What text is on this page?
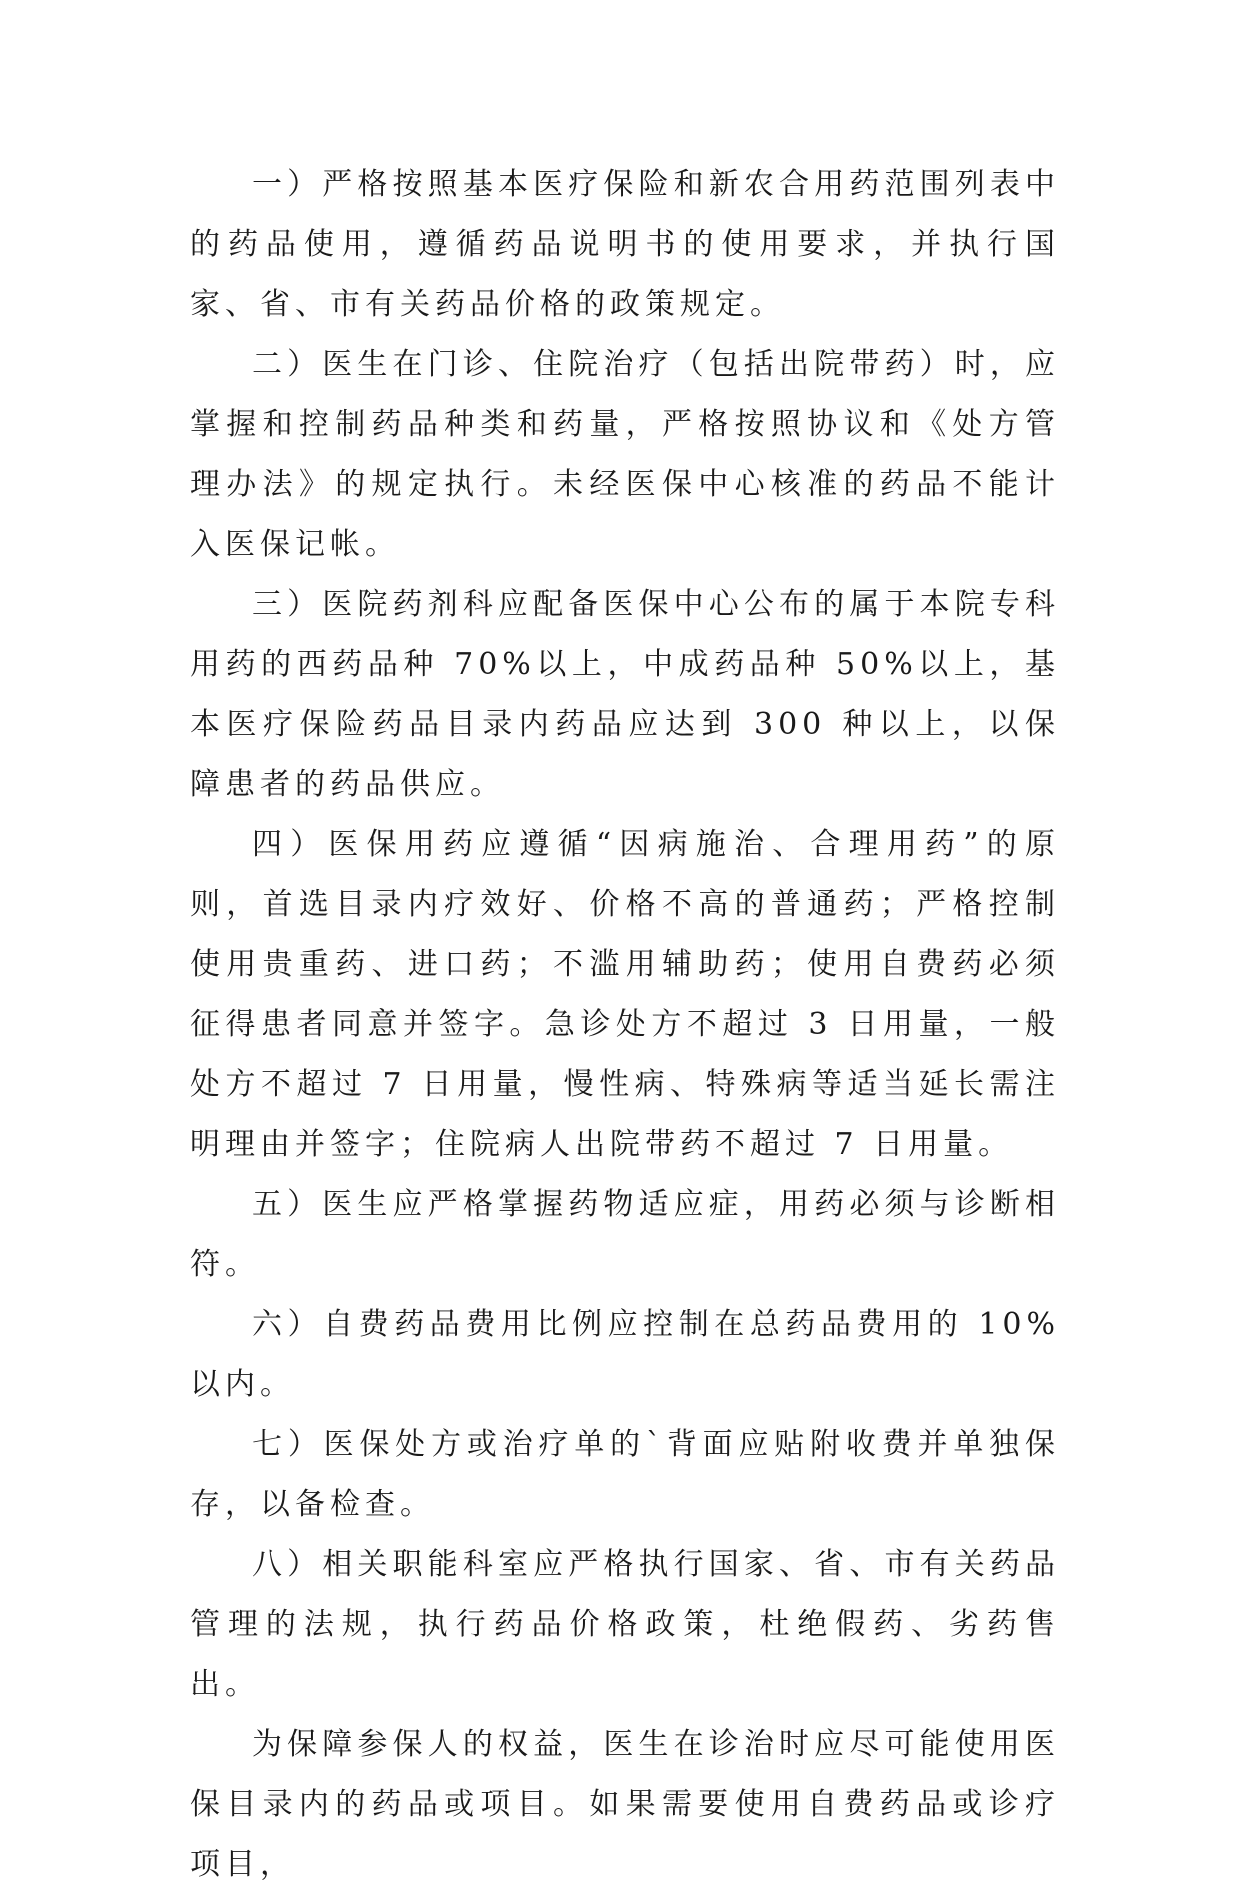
一）严格按照基本医疗保险和新农合用药范围列表中的药品使用，遵循药品说明书的使用要求，并执行国家、省、市有关药品价格的政策规定。

二）医生在门诊、住院治疗（包括出院带药）时，应掌握和控制药品种类和药量，严格按照协议和《处方管理办法》的规定执行。未经医保中心核准的药品不能计入医保记帐。

三）医院药剂科应配备医保中心公布的属于本院专科用药的西药品种 70%以上，中成药品种 50%以上，基本医疗保险药品目录内药品应达到 300 种以上，以保障患者的药品供应。

四）医保用药应遵循“因病施治、合理用药”的原则，首选目录内疗效好、价格不高的普通药；严格控制使用贵重药、进口药；不滥用辅助药；使用自费药必须征得患者同意并签字。急诊处方不超过 3 日用量，一般处方不超过 7 日用量，慢性病、特殊病等适当延长需注明理由并签字；住院病人出院带药不超过 7 日用量。

五）医生应严格掌握药物适应症，用药必须与诊断相符。

六）自费药品费用比例应控制在总药品费用的 10%以内。

七）医保处方或治疗单的`背面应贴附收费并单独保存，以备检查。

八）相关职能科室应严格执行国家、省、市有关药品管理的法规，执行药品价格政策，杜绝假药、劣药售出。

为保障参保人的权益，医生在诊治时应尽可能使用医保目录内的药品或项目。如果需要使用自费药品或诊疗项目，
